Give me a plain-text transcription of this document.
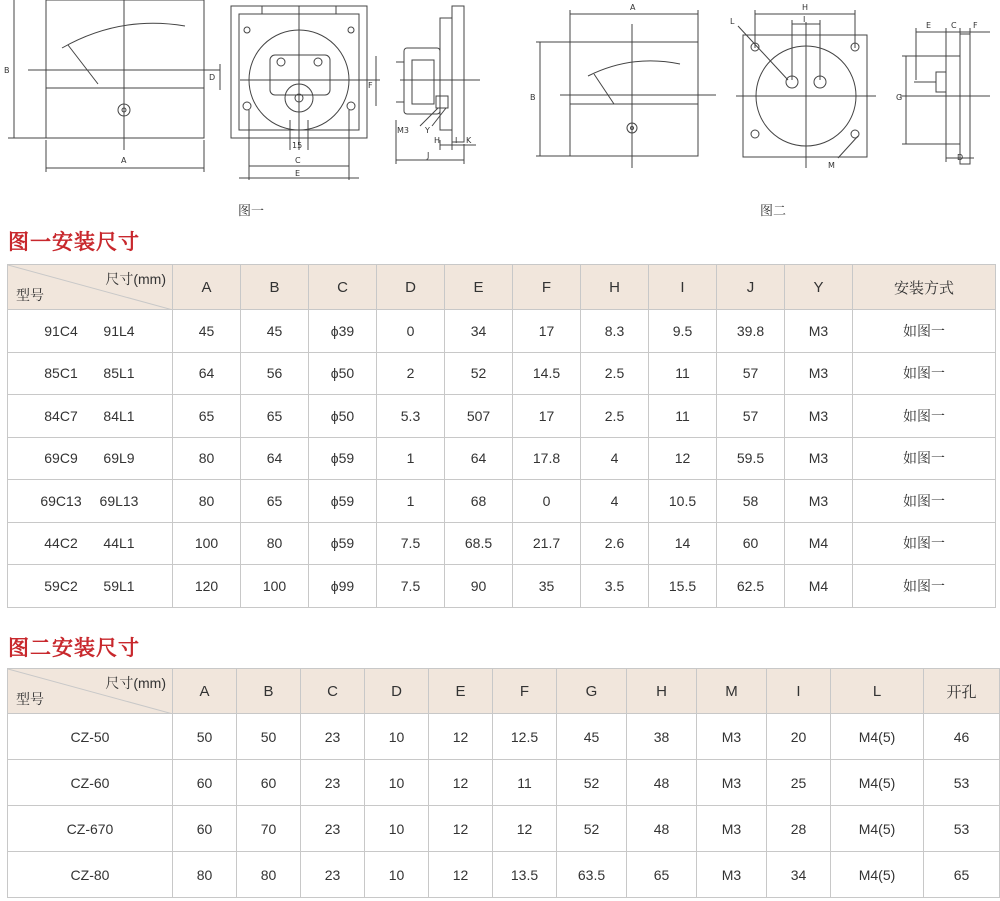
A
B
D
C
E
F
15
M3 Y
H I K
J
A
B
H
I
L
M
E C F
G
D
图一	图二
图一安装尺寸
尺寸(mm)
型号	A	B	C	D	E	F	H	I	J	Y	安装方式
91C4 91L4	45	45	ϕ39	0	34	17	8.3	9.5	39.8	M3	如图一
85C1 85L1	64	56	ϕ50	2	52	14.5	2.5	11	57	M3	如图一
84C7 84L1	65	65	ϕ50	5.3	507	17	2.5	11	57	M3	如图一
69C9 69L9	80	64	ϕ59	1	64	17.8	4	12	59.5	M3	如图一
69C13 69L13	80	65	ϕ59	1	68	0	4	10.5	58	M3	如图一
44C2 44L1	100	80	ϕ59	7.5	68.5	21.7	2.6	14	60	M4	如图一
59C2 59L1	120	100	ϕ99	7.5	90	35	3.5	15.5	62.5	M4	如图一
图二安装尺寸
尺寸(mm)
型号	A	B	C	D	E	F	G	H	M	I	L	开孔
CZ-50	50	50	23	10	12	12.5	45	38	M3	20	M4(5)	46
CZ-60	60	60	23	10	12	11	52	48	M3	25	M4(5)	53
CZ-670	60	70	23	10	12	12	52	48	M3	28	M4(5)	53
CZ-80	80	80	23	10	12	13.5	63.5	65	M3	34	M4(5)	65
